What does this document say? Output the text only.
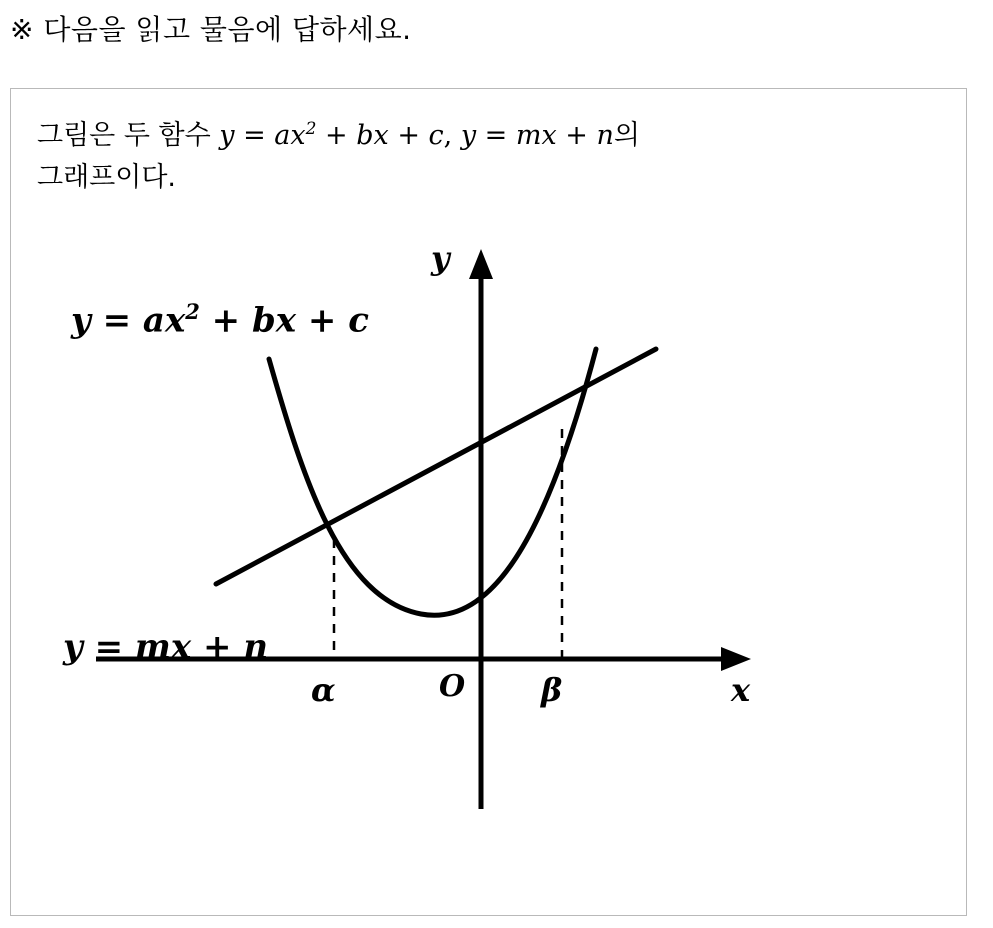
※ 다음을 읽고 물음에 답하세요.
그림은 두 함수 $y = ax^2$ + bx + c, y = mx + n의
그래프이다.
$y = ax^2$ + bx + c
y = mx + n
y
x
O
α	β
